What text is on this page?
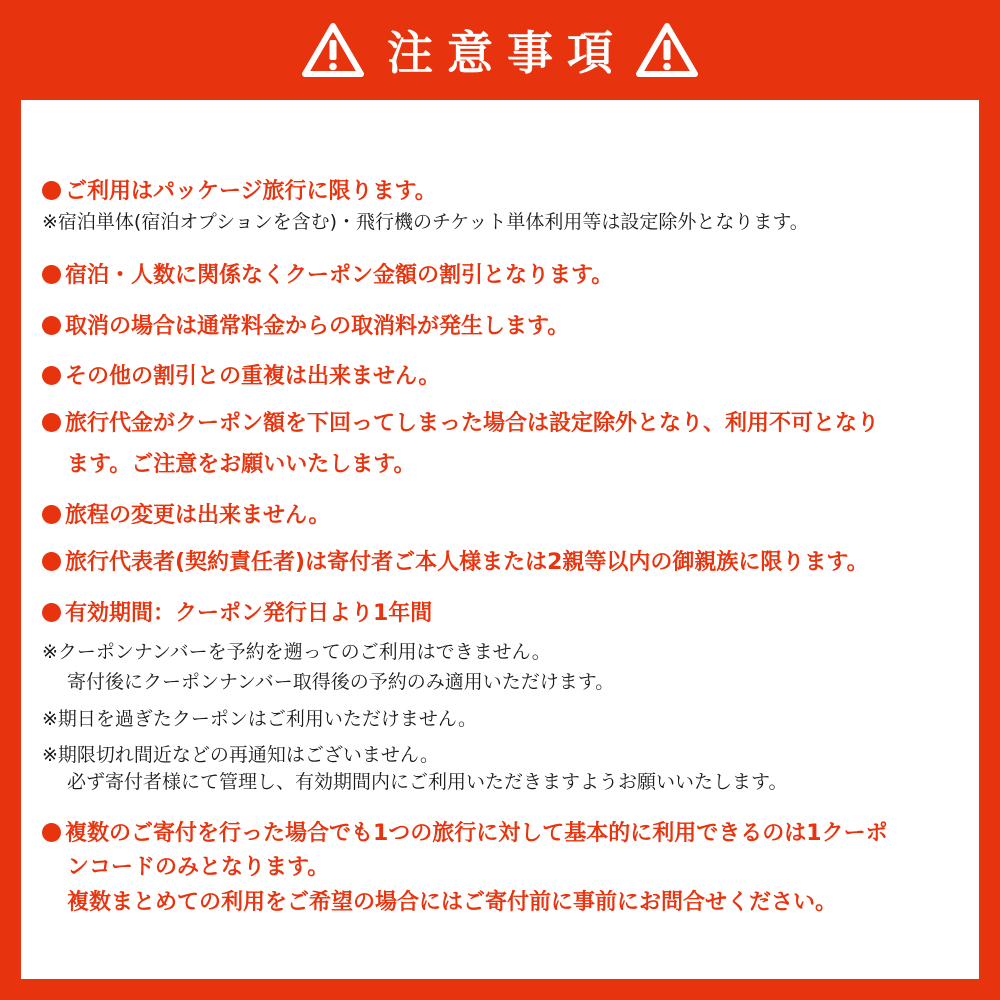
注意事項
ご利用はパッケージ旅行に限ります。
※宿泊単体(宿泊オプションを含む)・飛行機のチケット単体利用等は設定除外となります。
宿泊・人数に関係なくクーポン金額の割引となります。
取消の場合は通常料金からの取消料が発生します。
その他の割引との重複は出来ません。
旅行代金がクーポン額を下回ってしまった場合は設定除外となり、利用不可となり
ます。ご注意をお願いいたします。
旅程の変更は出来ません。
旅行代表者(契約責任者)は寄付者ご本人様または2親等以内の御親族に限ります。
有効期間：クーポン発行日より1年間
※クーポンナンバーを予約を遡ってのご利用はできません。
寄付後にクーポンナンバー取得後の予約のみ適用いただけます。
※期日を過ぎたクーポンはご利用いただけません。
※期限切れ間近などの再通知はございません。
必ず寄付者様にて管理し、有効期間内にご利用いただきますようお願いいたします。
複数のご寄付を行った場合でも1つの旅行に対して基本的に利用できるのは1クーポ
ンコードのみとなります。
複数まとめての利用をご希望の場合にはご寄付前に事前にお問合せください。
